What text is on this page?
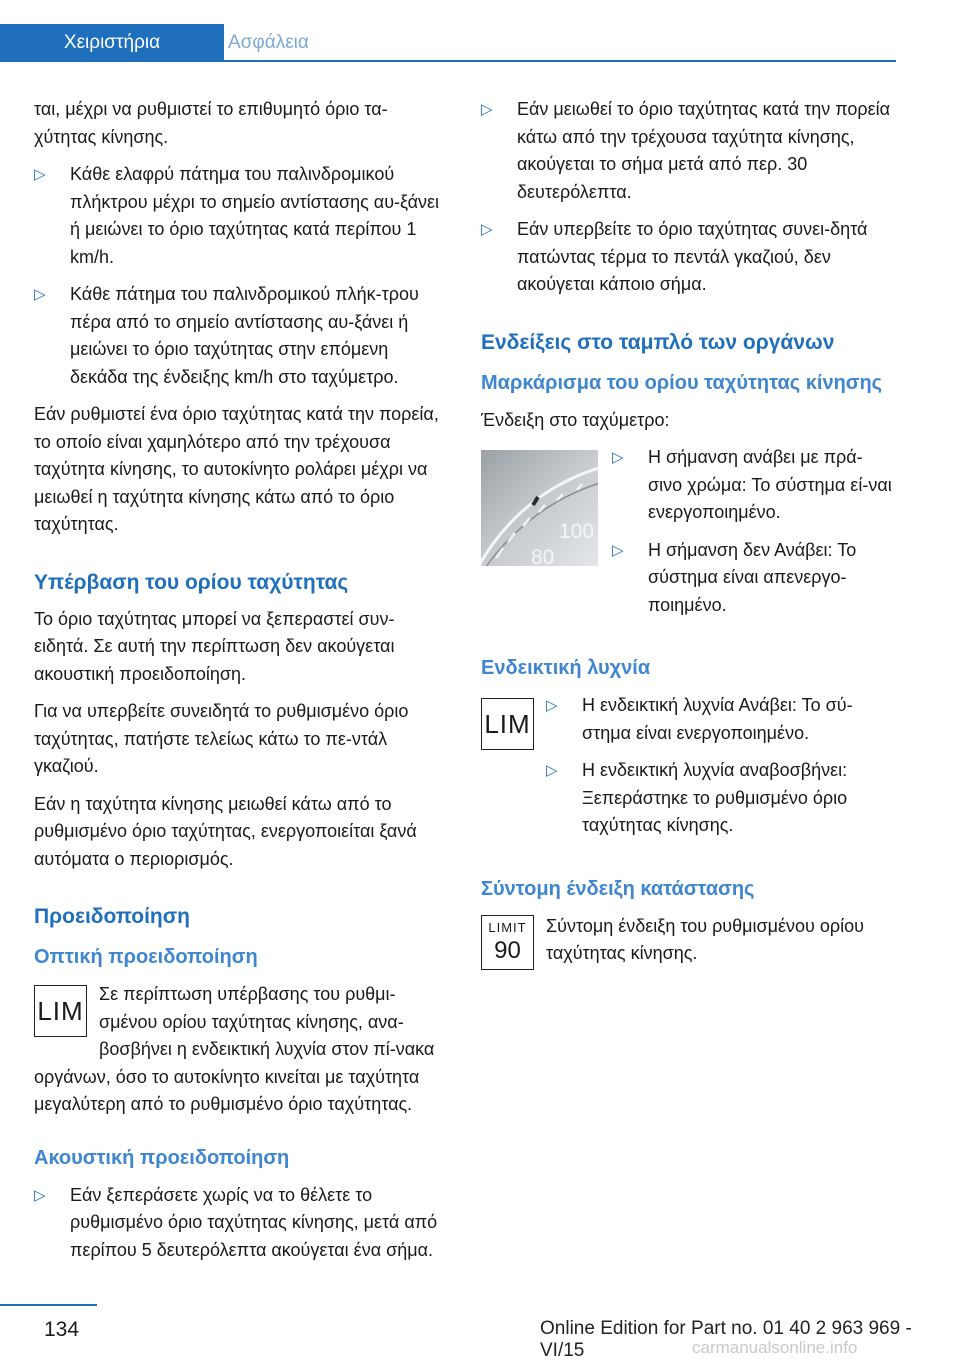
Χειριστήρια	Ασφάλεια

ται, μέχρι να ρυθμιστεί το επιθυμητό όριο τα‐χύτητας κίνησης.

▷ Κάθε ελαφρύ πάτημα του παλινδρομικού πλήκτρου μέχρι το σημείο αντίστασης αυ‐ξάνει ή μειώνει το όριο ταχύτητας κατά περίπου 1 km/h.
▷ Κάθε πάτημα του παλινδρομικού πλήκ‐τρου πέρα από το σημείο αντίστασης αυ‐ξάνει ή μειώνει το όριο ταχύτητας στην επόμενη δεκάδα της ένδειξης km/h στο ταχύμετρο.

Εάν ρυθμιστεί ένα όριο ταχύτητας κατά την πορεία, το οποίο είναι χαμηλότερο από την τρέχουσα ταχύτητα κίνησης, το αυτοκίνητο ρολάρει μέχρι να μειωθεί η ταχύτητα κίνησης κάτω από το όριο ταχύτητας.

Υπέρβαση του ορίου ταχύτητας

Το όριο ταχύτητας μπορεί να ξεπεραστεί συν‐ειδητά. Σε αυτή την περίπτωση δεν ακούγεται ακουστική προειδοποίηση.

Για να υπερβείτε συνειδητά το ρυθμισμένο όριο ταχύτητας, πατήστε τελείως κάτω το πε‐ντάλ γκαζιού.

Εάν η ταχύτητα κίνησης μειωθεί κάτω από το ρυθμισμένο όριο ταχύτητας, ενεργοποιείται ξανά αυτόματα ο περιορισμός.

Προειδοποίηση
Οπτική προειδοποίηση
LIM
Σε περίπτωση υπέρβασης του ρυθμι‐σμένου ορίου ταχύτητας κίνησης, ανα‐βοσβήνει η ενδεικτική λυχνία στον πί‐νακα οργάνων, όσο το αυτοκίνητο κινείται με ταχύτητα μεγαλύτερη από το ρυθμισμένο όριο ταχύτητας.
Ακουστική προειδοποίηση
▷ Εάν ξεπεράσετε χωρίς να το θέλετε το ρυθμισμένο όριο ταχύτητας κίνησης, μετά από περίπου 5 δευτερόλεπτα ακούγεται ένα σήμα.
▷ Εάν μειωθεί το όριο ταχύτητας κατά την πορεία κάτω από την τρέχουσα ταχύτητα κίνησης, ακούγεται το σήμα μετά από περ. 30 δευτερόλεπτα.
▷ Εάν υπερβείτε το όριο ταχύτητας συνει‐δητά πατώντας τέρμα το πεντάλ γκαζιού, δεν ακούγεται κάποιο σήμα.
Ενδείξεις στο ταμπλό των οργάνων
Μαρκάρισμα του ορίου ταχύτητας κίνησης

Ένδειξη στο ταχύμετρο:

100
80
▷ Η σήμανση ανάβει με πρά‐σινο χρώμα: Το σύστημα εί‐ναι ενεργοποιημένο.
▷ Η σήμανση δεν Ανάβει: Το σύστημα είναι απενεργο‐ποιημένο.
Ενδεικτική λυχνία
LIM
▷ Η ενδεικτική λυχνία Ανάβει: Το σύ‐στημα είναι ενεργοποιημένο.
▷ Η ενδεικτική λυχνία αναβοσβήνει: Ξεπεράστηκε το ρυθμισμένο όριο ταχύτητας κίνησης.
Σύντομη ένδειξη κατάστασης
LIMIT
90
Σύντομη ένδειξη του ρυθμισμένου ορίου ταχύτητας κίνησης.
134	Online Edition for Part no. 01 40 2 963 969 - VI/15	carmanualsonline.info
